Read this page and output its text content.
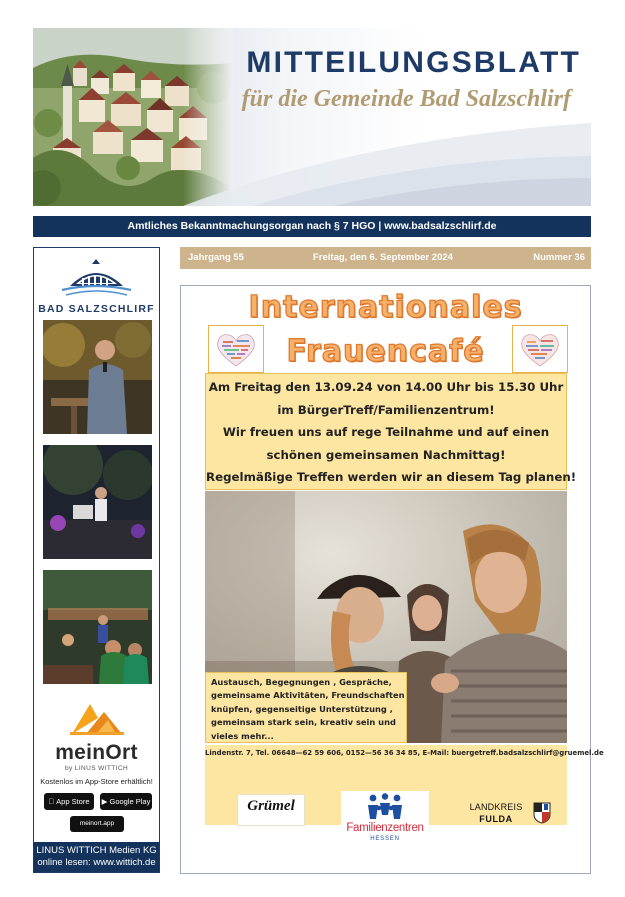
MITTEILUNGSBLATT
für die Gemeinde Bad Salzschlirf
Amtliches Bekanntmachungsorgan nach § 7 HGO | www.badsalzschlirf.de
BAD SALZSCHLIRF
meinOrt
by LINUS WITTICH
Kostenlos im App-Store erhältlich!
App Store	▶ Google Play
meinort.app
LINUS WITTICH Medien KG
online lesen: www.wittich.de
Jahrgang 55	Freitag, den 6. September 2024	Nummer 36
Internationales
Frauencafé
Am Freitag den 13.09.24 von 14.00 Uhr bis 15.30 Uhr
im BürgerTreff/Familienzentrum!
Wir freuen uns auf rege Teilnahme und auf einen
schönen gemeinsamen Nachmittag!
Regelmäßige Treffen werden wir an diesem Tag planen!
Austausch, Begegnungen , Gespräche,
gemeinsame Aktivitäten, Freundschaften
knüpfen, gegenseitige Unterstützung ,
gemeinsam stark sein, kreativ sein und
vieles mehr...
Lindenstr. 7, Tel. 06648—62 59 606, 0152—56 36 34 85, E-Mail: buergetreff.badsalzschlirf@gruemel.de
Grümel

Familienzentren
HESSEN
LANDKREIS
FULDA
